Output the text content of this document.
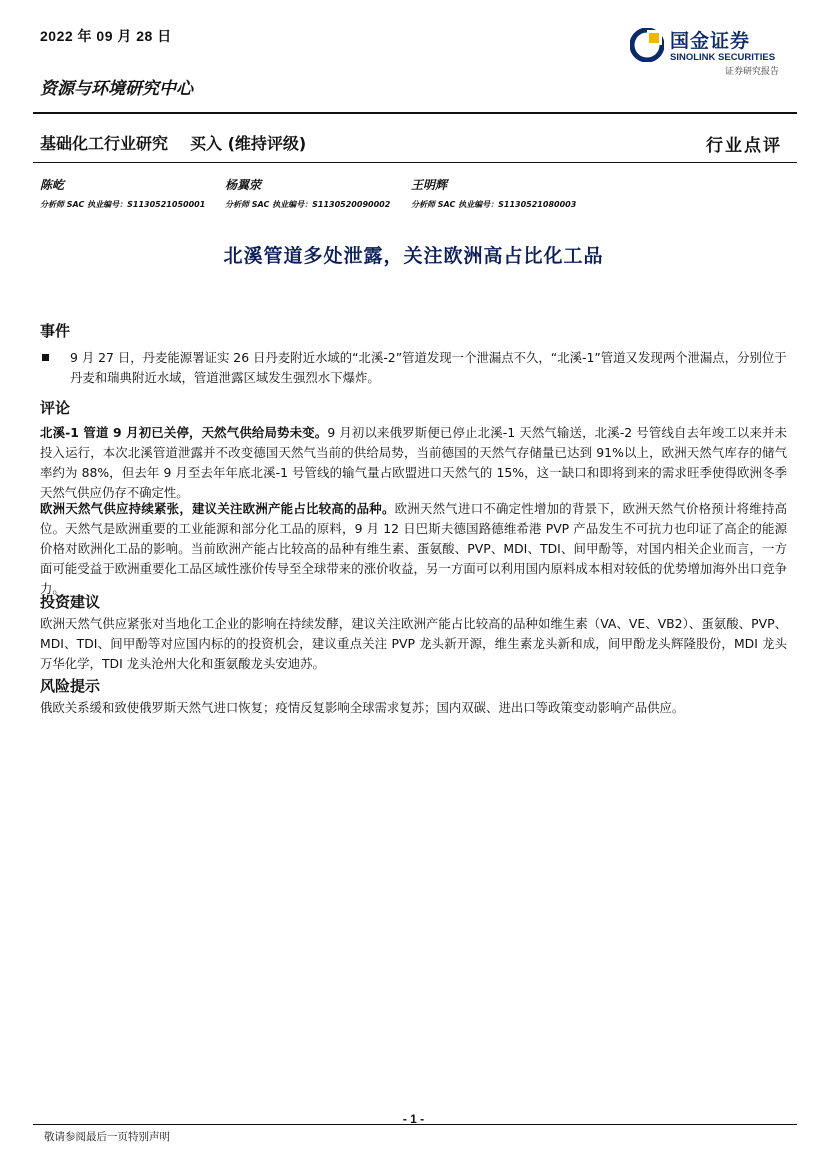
2022 年 09 月 28 日	国金证券
SINOLINK SECURITIES
证券研究报告
资源与环境研究中心
基础化工行业研究 买入 (维持评级)	行业点评
陈屹
分析师 SAC 执业编号：S1130521050001
杨翼荥
分析师 SAC 执业编号：S1130520090002
王明辉
分析师 SAC 执业编号：S1130521080003
北溪管道多处泄露，关注欧洲高占比化工品
事件
9 月 27 日，丹麦能源署证实 26 日丹麦附近水域的“北溪-2”管道发现一个泄漏点不久，“北溪-1”管道又发现两个泄漏点，分别位于丹麦和瑞典附近水域，管道泄露区域发生强烈水下爆炸。
评论
北溪-1 管道 9 月初已关停，天然气供给局势未变。9 月初以来俄罗斯便已停止北溪-1 天然气输送，北溪-2 号管线自去年竣工以来并未投入运行，本次北溪管道泄露并不改变德国天然气当前的供给局势，当前德国的天然气存储量已达到 91%以上，欧洲天然气库存的储气率约为 88%，但去年 9 月至去年年底北溪-1 号管线的输气量占欧盟进口天然气的 15%，这一缺口和即将到来的需求旺季使得欧洲冬季天然气供应仍存不确定性。
欧洲天然气供应持续紧张，建议关注欧洲产能占比较高的品种。欧洲天然气进口不确定性增加的背景下，欧洲天然气价格预计将维持高位。天然气是欧洲重要的工业能源和部分化工品的原料，9 月 12 日巴斯夫德国路德维希港 PVP 产品发生不可抗力也印证了高企的能源价格对欧洲化工品的影响。当前欧洲产能占比较高的品种有维生素、蛋氨酸、PVP、MDI、TDI、间甲酚等，对国内相关企业而言，一方面可能受益于欧洲重要化工品区域性涨价传导至全球带来的涨价收益，另一方面可以利用国内原料成本相对较低的优势增加海外出口竞争力。
投资建议
欧洲天然气供应紧张对当地化工企业的影响在持续发酵，建议关注欧洲产能占比较高的品种如维生素（VA、VE、VB2）、蛋氨酸、PVP、MDI、TDI、间甲酚等对应国内标的的投资机会，建议重点关注 PVP 龙头新开源，维生素龙头新和成，间甲酚龙头辉隆股份，MDI 龙头万华化学，TDI 龙头沧州大化和蛋氨酸龙头安迪苏。
风险提示
俄欧关系缓和致使俄罗斯天然气进口恢复；疫情反复影响全球需求复苏；国内双碳、进出口等政策变动影响产品供应。
- 1 -
敬请参阅最后一页特别声明
